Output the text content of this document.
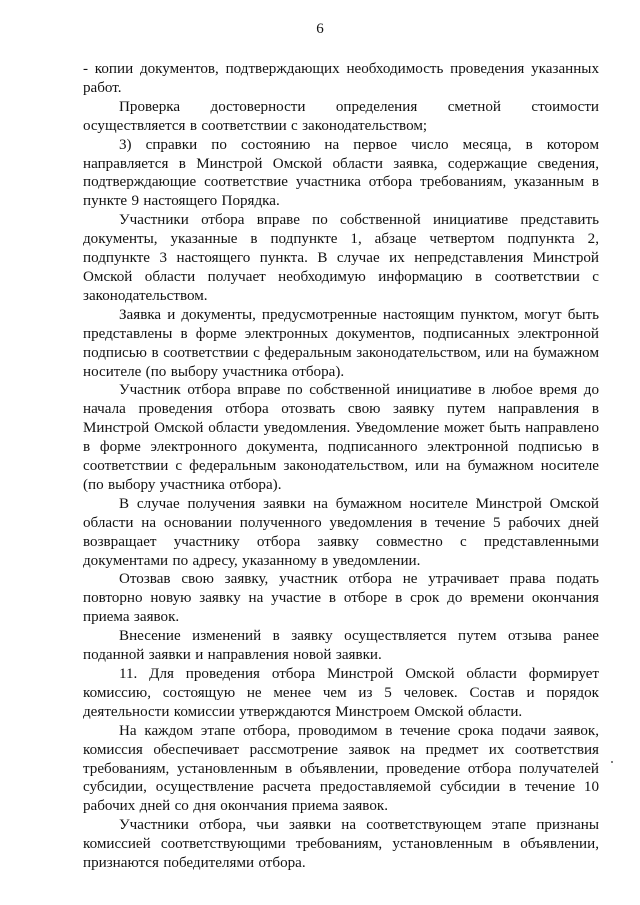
6

- копии документов, подтверждающих необходимость проведения указанных работ.

Проверка достоверности определения сметной стоимости осуществляется в соответствии с законодательством;

3) справки по состоянию на первое число месяца, в котором направляется в Минстрой Омской области заявка, содержащие сведения, подтверждающие соответствие участника отбора требованиям, указанным в пункте 9 настоящего Порядка.

Участники отбора вправе по собственной инициативе представить документы, указанные в подпункте 1, абзаце четвертом подпункта 2, подпункте 3 настоящего пункта. В случае их непредставления Минстрой Омской области получает необходимую информацию в соответствии с законодательством.

Заявка и документы, предусмотренные настоящим пунктом, могут быть представлены в форме электронных документов, подписанных электронной подписью в соответствии с федеральным законодательством, или на бумажном носителе (по выбору участника отбора).

Участник отбора вправе по собственной инициативе в любое время до начала проведения отбора отозвать свою заявку путем направления в Минстрой Омской области уведомления. Уведомление может быть направлено в форме электронного документа, подписанного электронной подписью в соответствии с федеральным законодательством, или на бумажном носителе (по выбору участника отбора).

В случае получения заявки на бумажном носителе Минстрой Омской области на основании полученного уведомления в течение 5 рабочих дней возвращает участнику отбора заявку совместно с представленными документами по адресу, указанному в уведомлении.

Отозвав свою заявку, участник отбора не утрачивает права подать повторно новую заявку на участие в отборе в срок до времени окончания приема заявок.

Внесение изменений в заявку осуществляется путем отзыва ранее поданной заявки и направления новой заявки.

11. Для проведения отбора Минстрой Омской области формирует комиссию, состоящую не менее чем из 5 человек. Состав и порядок деятельности комиссии утверждаются Минстроем Омской области.

На каждом этапе отбора, проводимом в течение срока подачи заявок, комиссия обеспечивает рассмотрение заявок на предмет их соответствия требованиям, установленным в объявлении, проведение отбора получателей субсидии, осуществление расчета предоставляемой субсидии в течение 10 рабочих дней со дня окончания приема заявок.

Участники отбора, чьи заявки на соответствующем этапе признаны комиссией соответствующими требованиям, установленным в объявлении, признаются победителями отбора.
